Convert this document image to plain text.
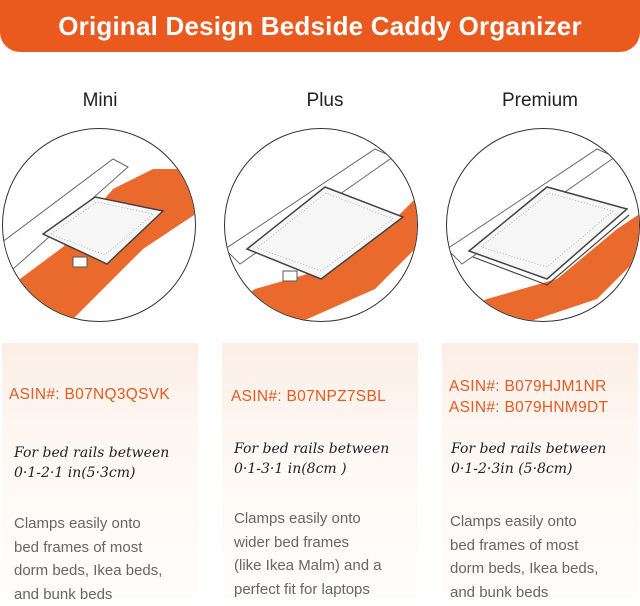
Original Design Bedside Caddy Organizer
Mini	Plus	Premium
ASIN#: B07NQ3QSVK
For bed rails between
0·1-2·1 in(5·3cm)
Clamps easily onto
bed frames of most
dorm beds, Ikea beds,
and bunk beds
ASIN#: B07NPZ7SBL
For bed rails between
0·1-3·1 in(8cm )
Clamps easily onto
wider bed frames
(like Ikea Malm) and a
perfect fit for laptops
ASIN#: B079HJM1NR
ASIN#: B079HNM9DT
For bed rails between
0·1-2·3in (5·8cm)
Clamps easily onto
bed frames of most
dorm beds, Ikea beds,
and bunk beds
